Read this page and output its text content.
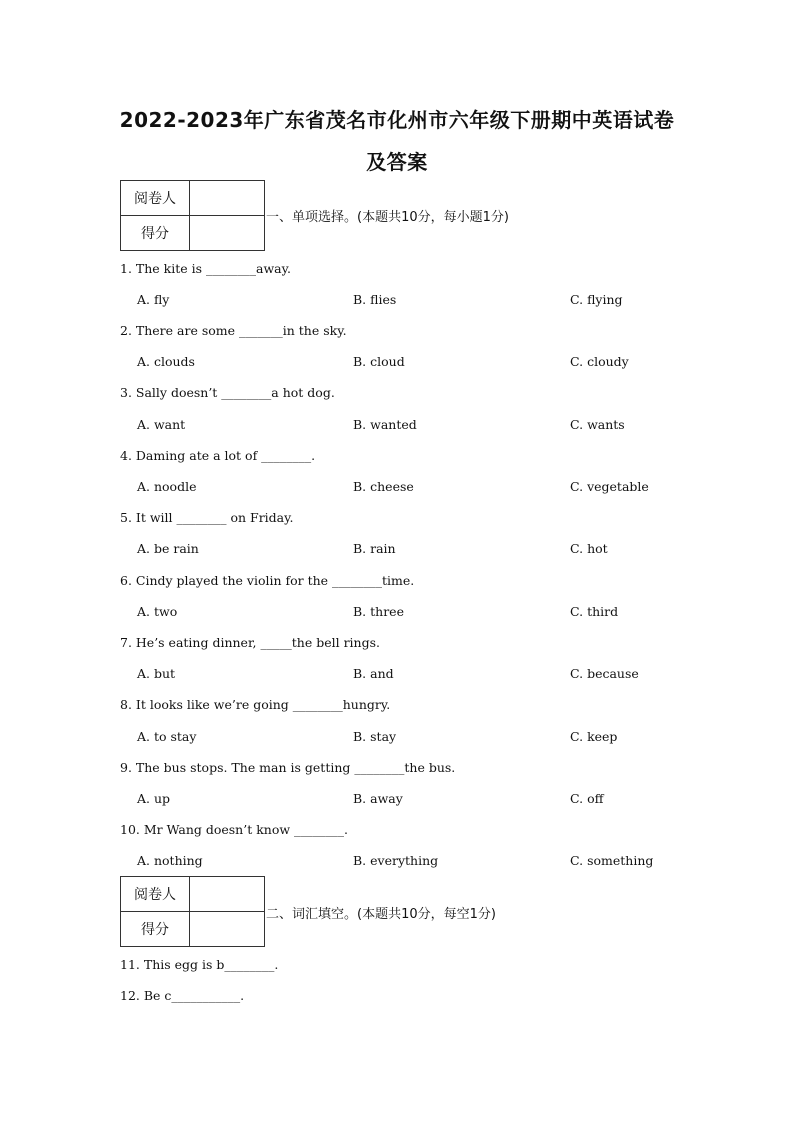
2022-2023年广东省茂名市化州市六年级下册期中英语试卷
及答案
阅卷人	
得分	
一、单项选择。(本题共10分，每小题1分)
1. The kite is ________away.
A. fly	B. flies	C. flying
2. There are some _______in the sky.
A. clouds	B. cloud	C. cloudy
3. Sally doesn’t ________a hot dog.
A. want	B. wanted	C. wants
4. Daming ate a lot of ________.
A. noodle	B. cheese	C. vegetable
5. It will ________ on Friday.
A. be rain	B. rain	C. hot
6. Cindy played the violin for the ________time.
A. two	B. three	C. third
7. He’s eating dinner, _____the bell rings.
A. but	B. and	C. because
8. It looks like we’re going ________hungry.
A. to stay	B. stay	C. keep
9. The bus stops. The man is getting ________the bus.
A. up	B. away	C. off
10. Mr Wang doesn’t know ________.
A. nothing	B. everything	C. something
阅卷人	
得分	
二、词汇填空。(本题共10分，每空1分)
11. This egg is b________.
12. Be c___________.
